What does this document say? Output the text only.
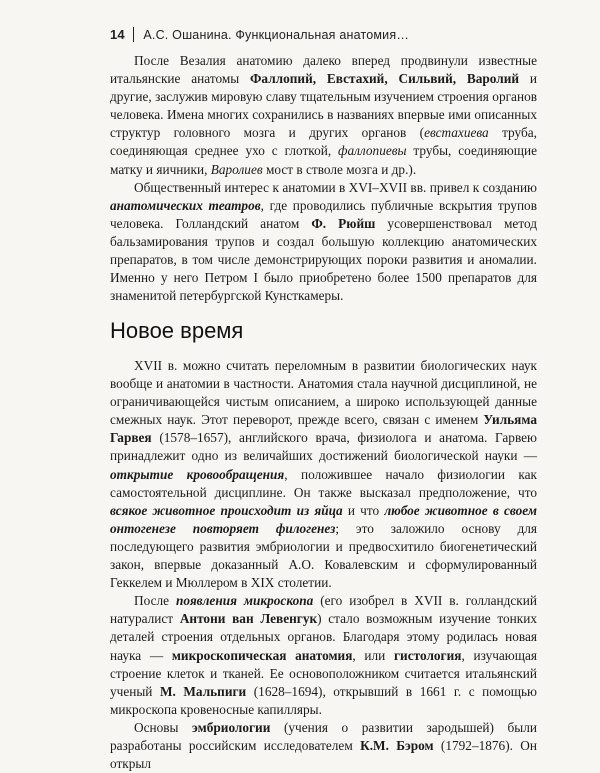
14 А.С. Ошанина. Функциональная анатомия…

После Везалия анатомию далеко вперед продвинули известные итальянские анатомы Фаллопий, Евстахий, Сильвий, Варолий и другие, заслужив мировую славу тщательным изучением строения органов человека. Имена многих сохранились в названиях впервые ими описанных структур головного мозга и других органов (евстахиева труба, соединяющая среднее ухо с глоткой, фаллопиевы трубы, соединяющие матку и яичники, Варолиев мост в стволе мозга и др.).

Общественный интерес к анатомии в XVI–XVII вв. привел к созданию анатомических театров, где проводились публичные вскрытия трупов человека. Голландский анатом Ф. Рюйш усовершенствовал метод бальзамирования трупов и создал большую коллекцию анатомических препаратов, в том числе демонстрирующих пороки развития и аномалии. Именно у него Петром I было приобретено более 1500 препаратов для знаменитой петербургской Кунсткамеры.

Новое время

XVII в. можно считать переломным в развитии биологических наук вообще и анатомии в частности. Анатомия стала научной дисциплиной, не ограничивающейся чистым описанием, а широко использующей данные смежных наук. Этот переворот, прежде всего, связан с именем Уильяма Гарвея (1578–1657), английского врача, физиолога и анатома. Гарвею принадлежит одно из величайших достижений биологической науки — открытие кровообращения, положившее начало физиологии как самостоятельной дисциплине. Он также высказал предположение, что всякое животное происходит из яйца и что любое животное в своем онтогенезе повторяет филогенез; это заложило основу для последующего развития эмбриологии и предвосхитило биогенетический закон, впервые доказанный А.О. Ковалевским и сформулированный Геккелем и Мюллером в XIX столетии.

После появления микроскопа (его изобрел в XVII в. голландский натуралист Антони ван Левенгук) стало возможным изучение тонких деталей строения отдельных органов. Благодаря этому родилась новая наука — микроскопическая анатомия, или гистология, изучающая строение клеток и тканей. Ее основоположником считается итальянский ученый М. Мальпиги (1628–1694), открывший в 1661 г. с помощью микроскопа кровеносные капилляры.

Основы эмбриологии (учения о развитии зародышей) были разработаны российским исследователем К.М. Бэром (1792–1876). Он открыл
